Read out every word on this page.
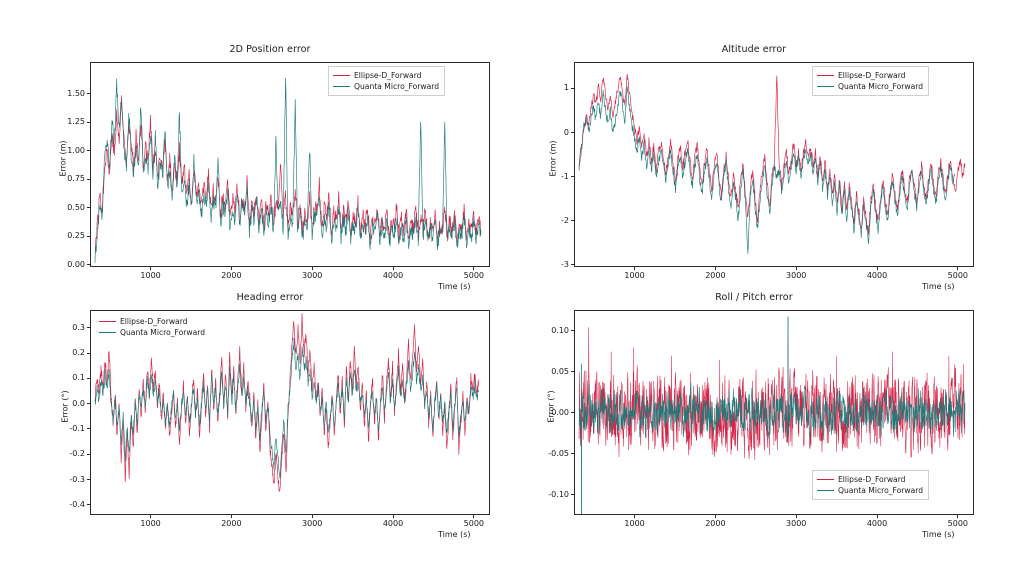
2D Position error
Error (m)
Time (s)
1000	2000	3000	4000	5000
0.00
0.25
0.50
0.75
1.00
1.25
1.50
Ellipse-D_Forward
Quanta Micro_Forward
Altitude error
Error (m)
Time (s)
1000	2000	3000	4000	5000
-3
-2
-1
0
1
Ellipse-D_Forward
Quanta Micro_Forward
Heading error
Error (°)
Time (s)
1000	2000	3000	4000	5000
-0.4
-0.3
-0.2
-0.1
0.0
0.1
0.2
0.3
Ellipse-D_Forward
Quanta Micro_Forward
Roll / Pitch error
Error (°)
Time (s)
1000	2000	3000	4000	5000
-0.10
-0.05
0.00
0.05
0.10
Ellipse-D_Forward
Quanta Micro_Forward
